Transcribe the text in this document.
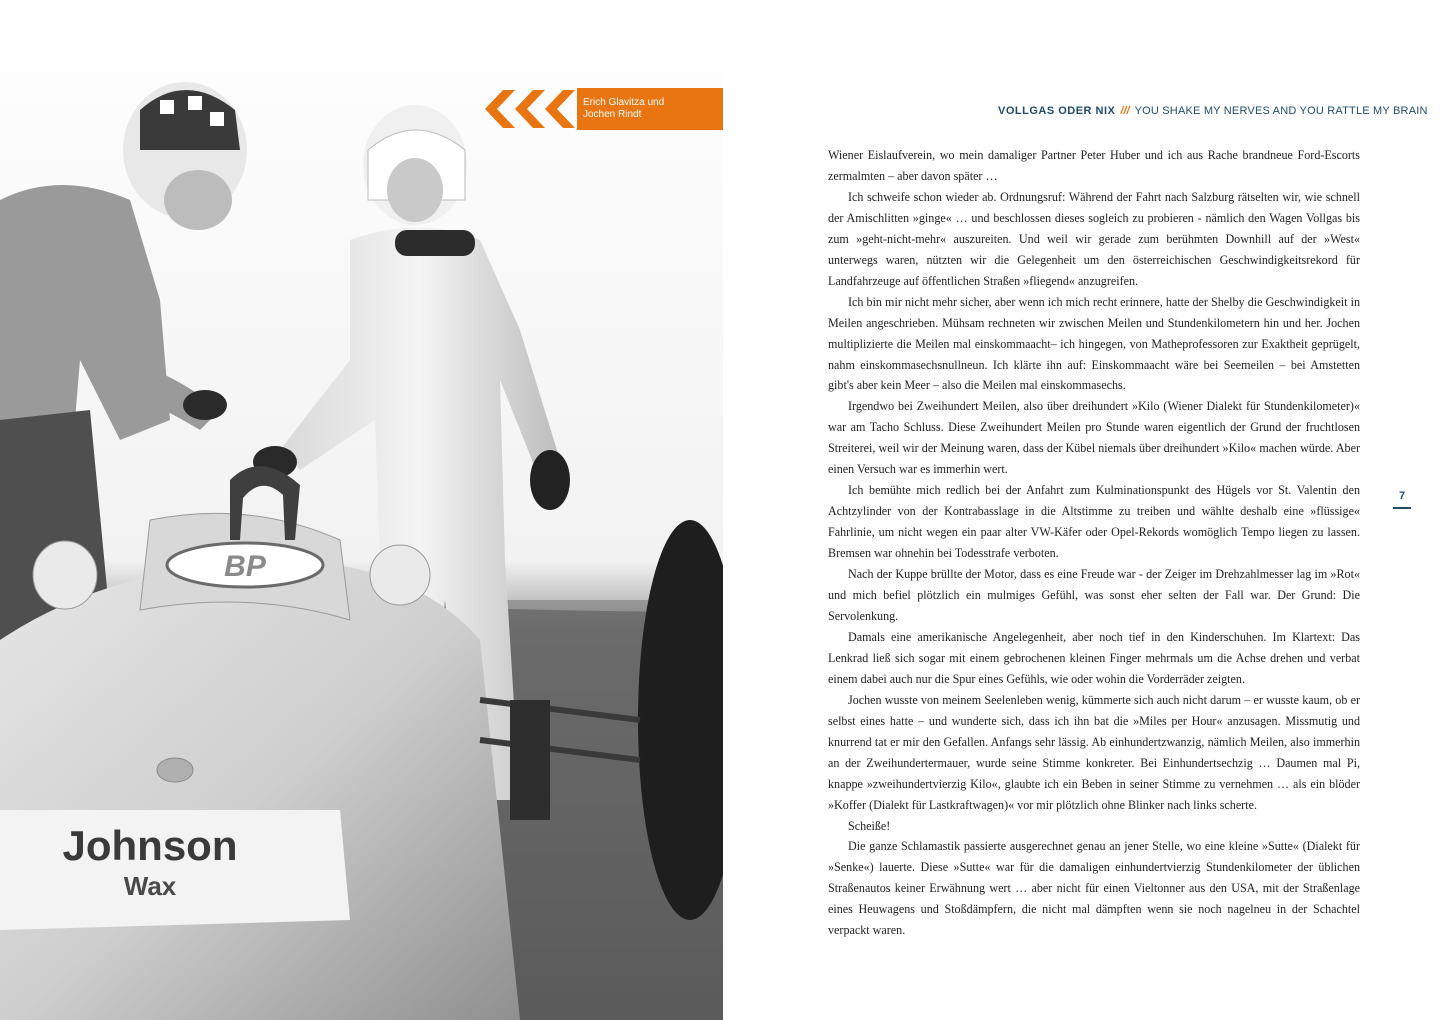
BP
Johnson
Wax
Erich Glavitza und
Jochen Rindt	VOLLGAS ODER NIX /// YOU SHAKE MY NERVES AND YOU RATTLE MY BRAIN

Wiener Eislaufverein, wo mein damaliger Partner Peter Huber und ich aus Rache brandneue Ford-Escorts zermalmten – aber davon später …

Ich schweife schon wieder ab. Ordnungsruf: Während der Fahrt nach Salzburg rätselten wir, wie schnell der Amischlitten »ginge« … und beschlossen dieses sogleich zu probieren - nämlich den Wagen Vollgas bis zum »geht-nicht-mehr« auszureiten. Und weil wir gerade zum berühmten Downhill auf der »West« unterwegs waren, nützten wir die Gelegenheit um den österreichischen Geschwindigkeitsrekord für Landfahrzeuge auf öffentlichen Straßen »fliegend« anzugreifen.

Ich bin mir nicht mehr sicher, aber wenn ich mich recht erinnere, hatte der Shelby die Geschwindigkeit in Meilen angeschrieben. Mühsam rechneten wir zwischen Meilen und Stundenkilometern hin und her. Jochen multiplizierte die Meilen mal einskommaacht– ich hingegen, von Matheprofessoren zur Exaktheit geprügelt, nahm einskommasechsnullneun. Ich klärte ihn auf: Einskommaacht wäre bei Seemeilen – bei Amstetten gibt's aber kein Meer – also die Meilen mal einskommasechs.

Irgendwo bei Zweihundert Meilen, also über dreihundert »Kilo (Wiener Dialekt für Stundenkilometer)« war am Tacho Schluss. Diese Zweihundert Meilen pro Stunde waren eigentlich der Grund der fruchtlosen Streiterei, weil wir der Meinung waren, dass der Kübel niemals über dreihundert »Kilo« machen würde. Aber einen Versuch war es immerhin wert.

Ich bemühte mich redlich bei der Anfahrt zum Kulminationspunkt des Hügels vor St. Valentin den Achtzylinder von der Kontrabasslage in die Altstimme zu treiben und wählte deshalb eine »flüssige« Fahrlinie, um nicht wegen ein paar alter VW-Käfer oder Opel-Rekords womöglich Tempo liegen zu lassen. Bremsen war ohnehin bei Todesstrafe verboten.

Nach der Kuppe brüllte der Motor, dass es eine Freude war - der Zeiger im Drehzahlmesser lag im »Rot« und mich befiel plötzlich ein mulmiges Gefühl, was sonst eher selten der Fall war. Der Grund: Die Servolenkung.

Damals eine amerikanische Angelegenheit, aber noch tief in den Kinderschuhen. Im Klartext: Das Lenkrad ließ sich sogar mit einem gebrochenen kleinen Finger mehrmals um die Achse drehen und verbat einem dabei auch nur die Spur eines Gefühls, wie oder wohin die Vorderräder zeigten.

Jochen wusste von meinem Seelenleben wenig, kümmerte sich auch nicht darum – er wusste kaum, ob er selbst eines hatte – und wunderte sich, dass ich ihn bat die »Miles per Hour« anzusagen. Missmutig und knurrend tat er mir den Gefallen. Anfangs sehr lässig. Ab einhundertzwanzig, nämlich Meilen, also immerhin an der Zweihundertermauer, wurde seine Stimme konkreter. Bei Einhundertsechzig … Daumen mal Pi, knappe »zweihundertvierzig Kilo«, glaubte ich ein Beben in seiner Stimme zu vernehmen … als ein blöder »Koffer (Dialekt für Lastkraftwagen)« vor mir plötzlich ohne Blinker nach links scherte.

Scheiße!

Die ganze Schlamastik passierte ausgerechnet genau an jener Stelle, wo eine kleine »Sutte« (Dialekt für »Senke«) lauerte. Diese »Sutte« war für die damaligen einhundertvierzig Stundenkilometer der üblichen Straßenautos keiner Erwähnung wert … aber nicht für einen Vieltonner aus den USA, mit der Straßenlage eines Heuwagens und Stoßdämpfern, die nicht mal dämpften wenn sie noch nagelneu in der Schachtel verpackt waren.

7
